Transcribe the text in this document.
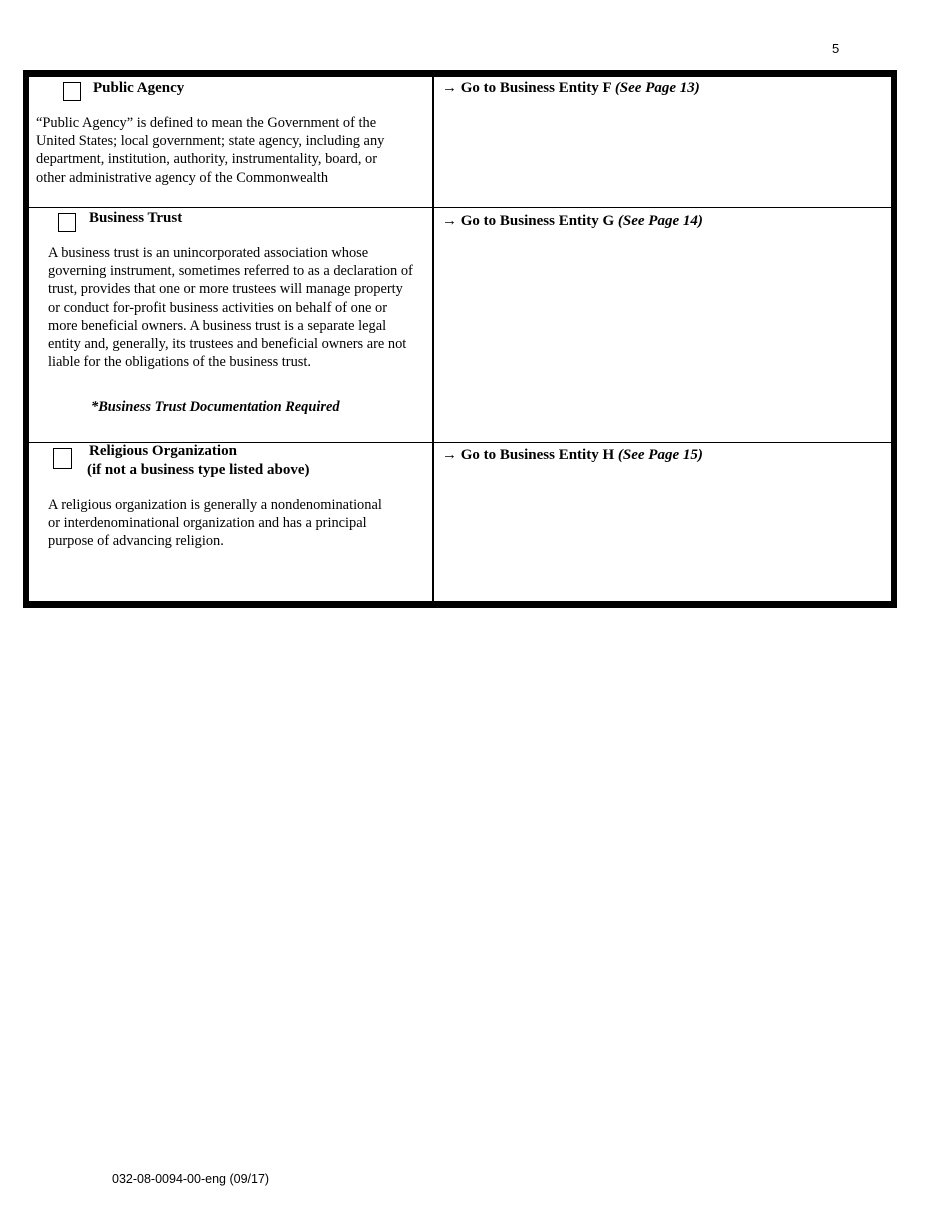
5
Public Agency
“Public Agency” is defined to mean the Government of the United States; local government; state agency, including any department, institution, authority, instrumentality, board, or other administrative agency of the Commonwealth
→ Go to Business Entity F (See Page 13)
Business Trust
A business trust is an unincorporated association whose governing instrument, sometimes referred to as a declaration of trust, provides that one or more trustees will manage property or conduct for-profit business activities on behalf of one or more beneficial owners. A business trust is a separate legal entity and, generally, its trustees and beneficial owners are not liable for the obligations of the business trust.
*Business Trust Documentation Required
→ Go to Business Entity G (See Page 14)
Religious Organization
(if not a business type listed above)
A religious organization is generally a nondenominational or interdenominational organization and has a principal purpose of advancing religion.
→ Go to Business Entity H (See Page 15)
032-08-0094-00-eng (09/17)
